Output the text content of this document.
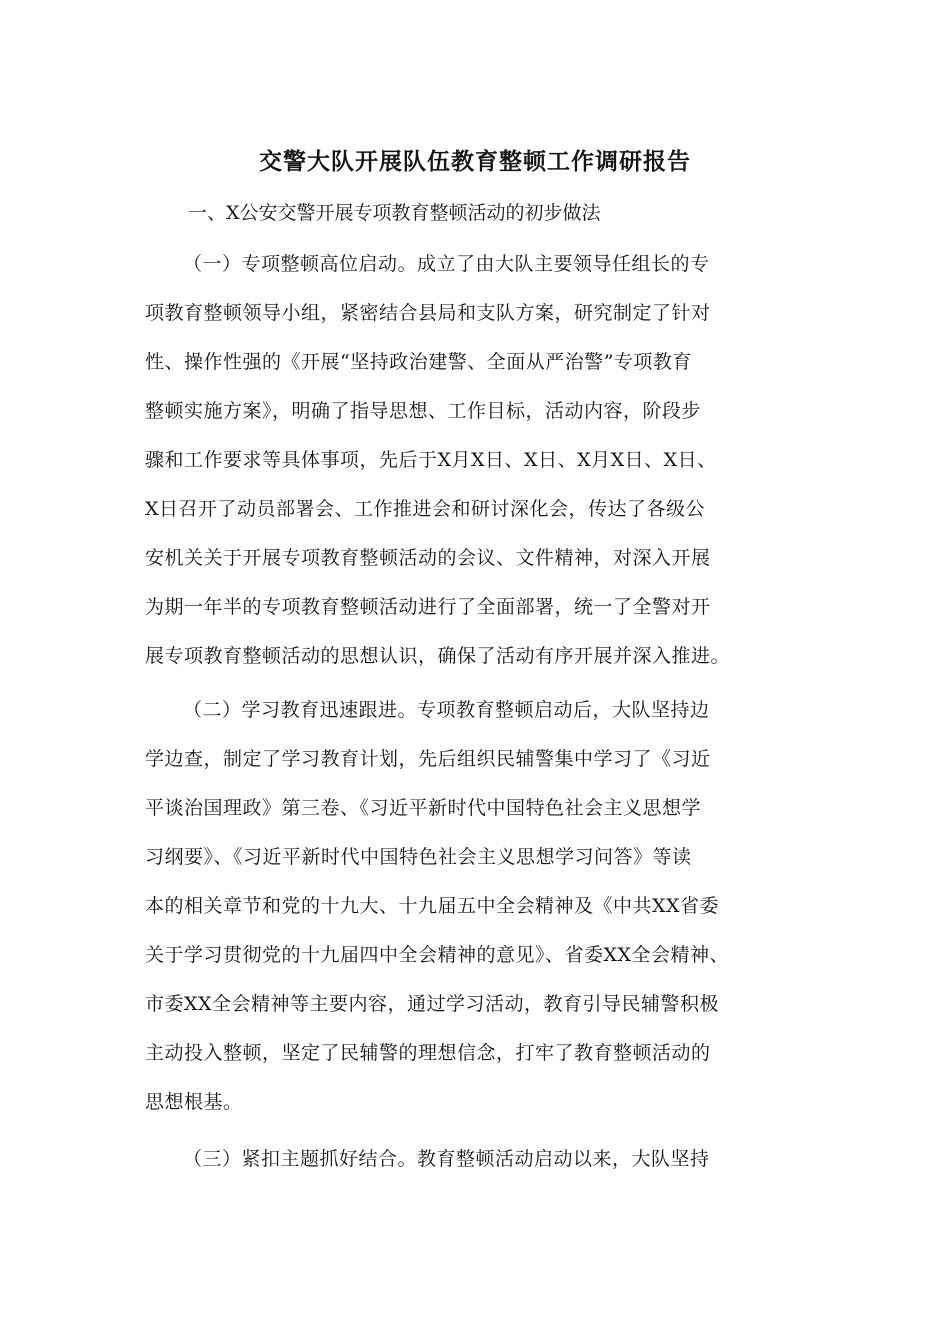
交警大队开展队伍教育整顿工作调研报告
一、X公安交警开展专项教育整顿活动的初步做法
（一）专项整顿高位启动。成立了由大队主要领导任组长的专
项教育整顿领导小组，紧密结合县局和支队方案，研究制定了针对
性、操作性强的《开展“坚持政治建警、全面从严治警”专项教育
整顿实施方案》，明确了指导思想、工作目标，活动内容，阶段步
骤和工作要求等具体事项，先后于X月X日、X日、X月X日、X日、
X日召开了动员部署会、工作推进会和研讨深化会，传达了各级公
安机关关于开展专项教育整顿活动的会议、文件精神，对深入开展
为期一年半的专项教育整顿活动进行了全面部署，统一了全警对开
展专项教育整顿活动的思想认识，确保了活动有序开展并深入推进。
（二）学习教育迅速跟进。专项教育整顿启动后，大队坚持边
学边查，制定了学习教育计划，先后组织民辅警集中学习了《习近
平谈治国理政》第三卷、《习近平新时代中国特色社会主义思想学
习纲要》、《习近平新时代中国特色社会主义思想学习问答》等读
本的相关章节和党的十九大、十九届五中全会精神及《中共XX省委
关于学习贯彻党的十九届四中全会精神的意见》、省委XX全会精神、
市委XX全会精神等主要内容，通过学习活动，教育引导民辅警积极
主动投入整顿，坚定了民辅警的理想信念，打牢了教育整顿活动的
思想根基。
（三）紧扣主题抓好结合。教育整顿活动启动以来，大队坚持
